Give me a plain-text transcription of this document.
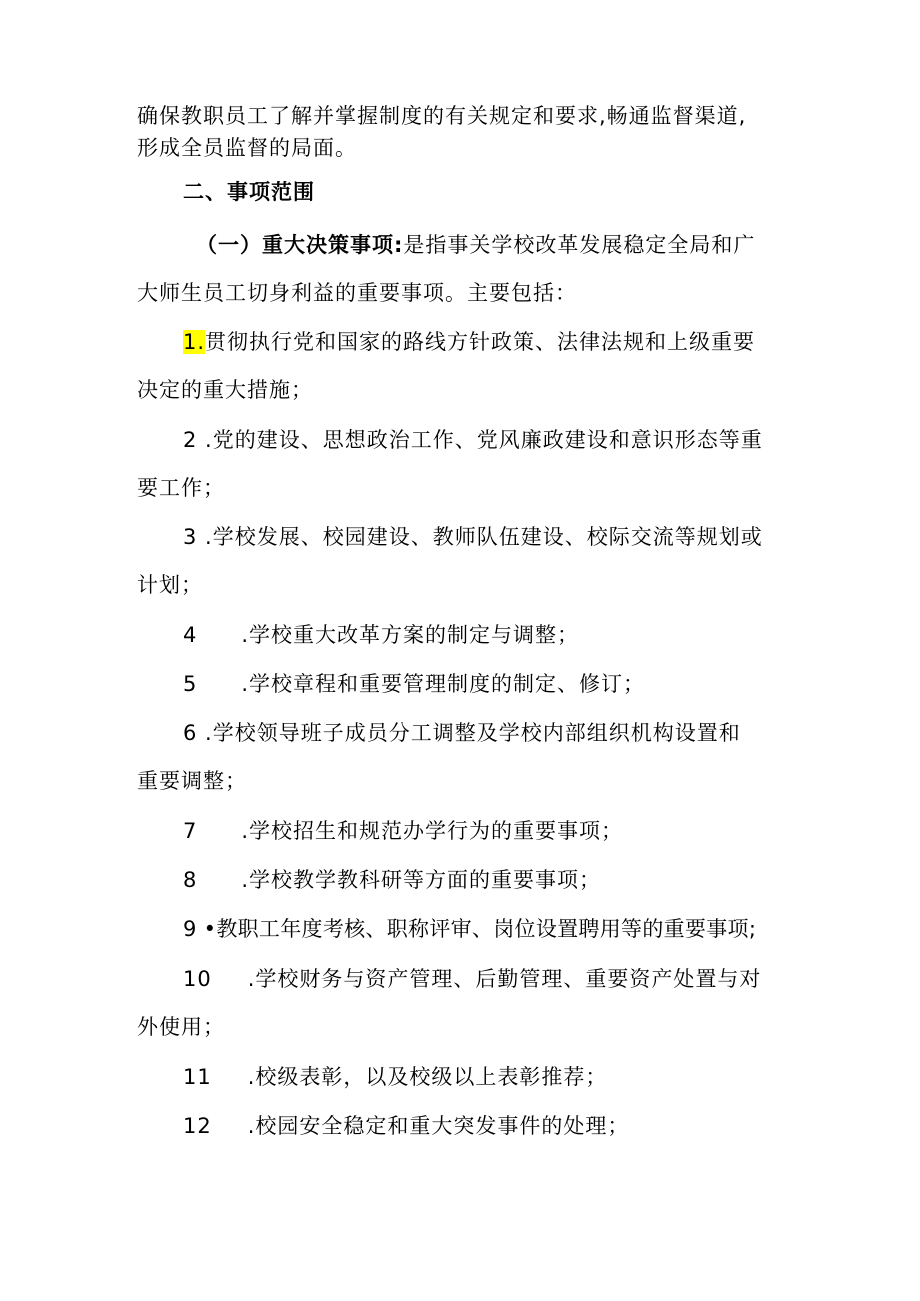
确保教职员工了解并掌握制度的有关规定和要求,畅通监督渠道,
形成全员监督的局面。
二、事项范围
（一）重大决策事项:是指事关学校改革发展稳定全局和广
大师生员工切身利益的重要事项。主要包括：
1.贯彻执行党和国家的路线方针政策、法律法规和上级重要
决定的重大措施；
2 .党的建设、思想政治工作、党风廉政建设和意识形态等重
要工作；
3 .学校发展、校园建设、教师队伍建设、校际交流等规划或
计划；
4 .学校重大改革方案的制定与调整；
5 .学校章程和重要管理制度的制定、修订；
6 .学校领导班子成员分工调整及学校内部组织机构设置和
重要调整；
7 .学校招生和规范办学行为的重要事项；
8 .学校教学教科研等方面的重要事项；
9 •教职工年度考核、职称评审、岗位设置聘用等的重要事项;
10 .学校财务与资产管理、后勤管理、重要资产处置与对
外使用；
11 .校级表彰，以及校级以上表彰推荐；
12 .校园安全稳定和重大突发事件的处理；
